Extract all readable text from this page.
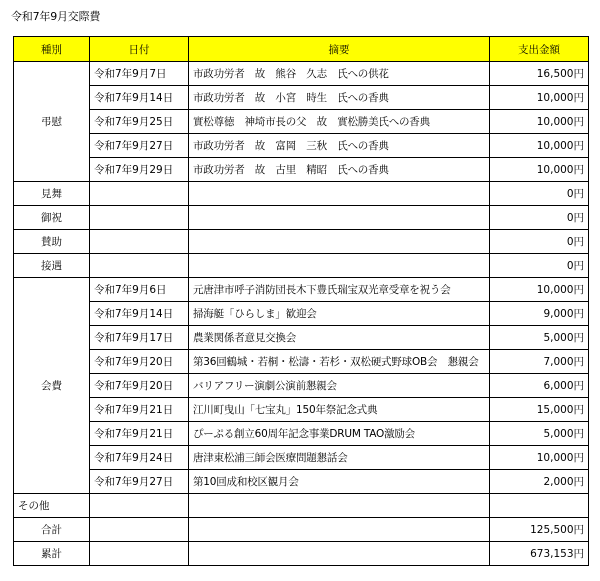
令和7年9月交際費
種別	日付	摘要	支出金額
弔慰	令和7年9月7日	市政功労者　故　熊谷　久志　氏への供花	16,500円
	令和7年9月14日	市政功労者　故　小宮　時生　氏への香典	10,000円
	令和7年9月25日	實松尊徳　神埼市長の父　故　實松勝美氏への香典	10,000円
	令和7年9月27日	市政功労者　故　富岡　三秋　氏への香典	10,000円
	令和7年9月29日	市政功労者　故　古里　精昭　氏への香典	10,000円
見舞			0円
御祝			0円
賛助			0円
接遇			0円
会費	令和7年9月6日	元唐津市呼子消防団長木下豊氏瑞宝双光章受章を祝う会	10,000円
	令和7年9月14日	掃海艇「ひらしま」歓迎会	9,000円
	令和7年9月17日	農業関係者意見交換会	5,000円
	令和7年9月20日	第36回鶴城・若桐・松濤・若杉・双松硬式野球OB会　懇親会	7,000円
	令和7年9月20日	バリアフリー演劇公演前懇親会	6,000円
	令和7年9月21日	江川町曳山「七宝丸」150年祭記念式典	15,000円
	令和7年9月21日	ぴーぷる創立60周年記念事業DRUM TAO激励会	5,000円
	令和7年9月24日	唐津東松浦三師会医療問題懇話会	10,000円
	令和7年9月27日	第10回成和校区観月会	2,000円
その他			
合計			125,500円
累計			673,153円
